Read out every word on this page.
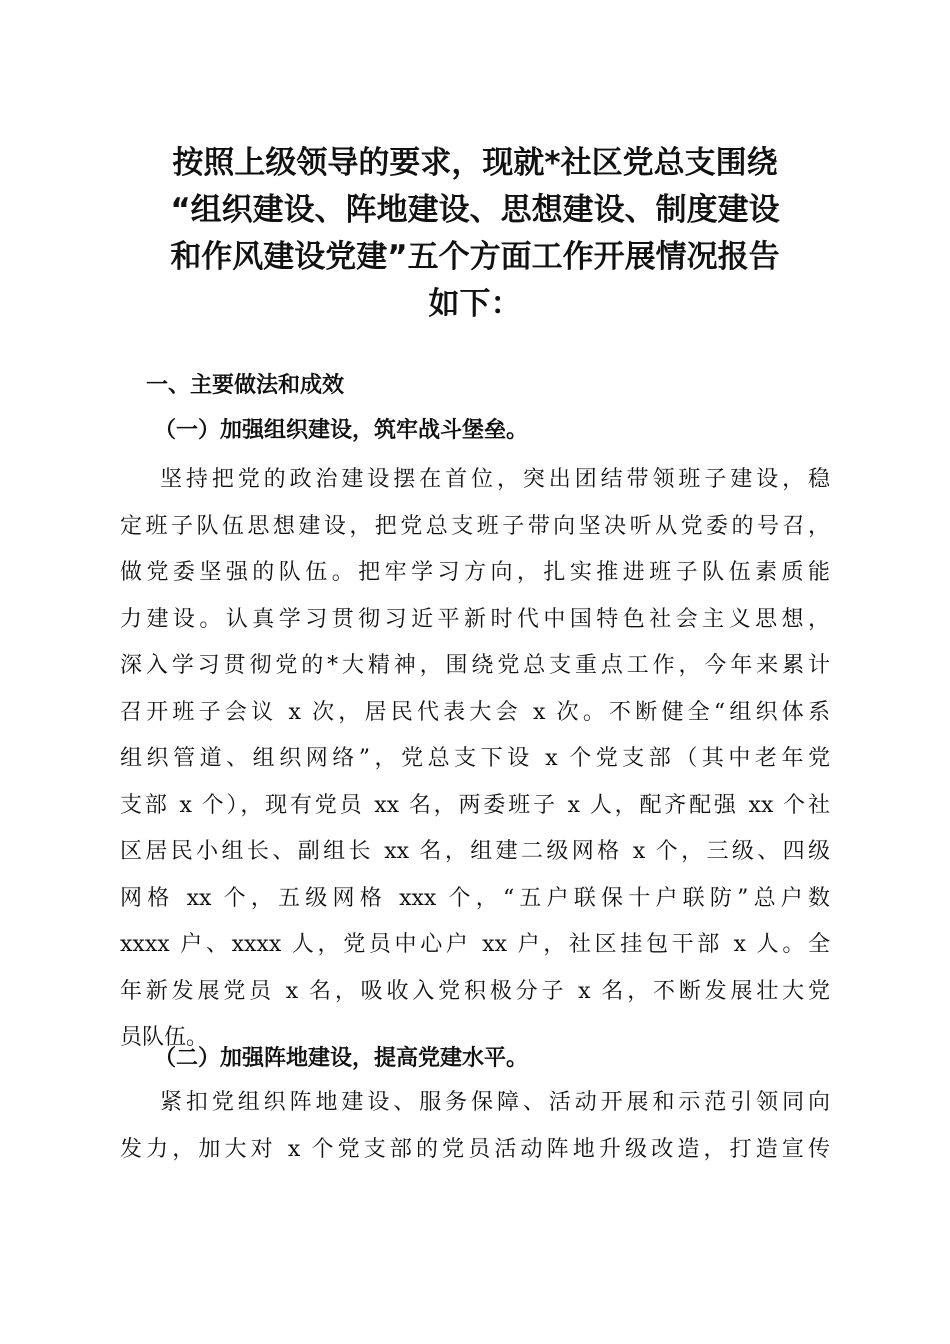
按照上级领导的要求，现就*社区党总支围绕
“组织建设、阵地建设、思想建设、制度建设
和作风建设党建”五个方面工作开展情况报告
如下：
一、主要做法和成效
（一）加强组织建设，筑牢战斗堡垒。

坚持把党的政治建设摆在首位，突出团结带领班子建设，稳
定班子队伍思想建设，把党总支班子带向坚决听从党委的号召，
做党委坚强的队伍。把牢学习方向，扎实推进班子队伍素质能
力建设。认真学习贯彻习近平新时代中国特色社会主义思想，
深入学习贯彻党的*大精神，围绕党总支重点工作，今年来累计
召开班子会议 x 次，居民代表大会 x 次。不断健全“组织体系
组织管道、组织网络”，党总支下设 x 个党支部（其中老年党
支部 x 个），现有党员 xx 名，两委班子 x 人，配齐配强 xx 个社
区居民小组长、副组长 xx 名，组建二级网格 x 个，三级、四级
网格 xx 个，五级网格 xxx 个，“五户联保十户联防”总户数
xxxx 户、xxxx 人，党员中心户 xx 户，社区挂包干部 x 人。全
年新发展党员 x 名，吸收入党积极分子 x 名，不断发展壮大党
员队伍。

（二）加强阵地建设，提高党建水平。

紧扣党组织阵地建设、服务保障、活动开展和示范引领同向
发力，加大对 x 个党支部的党员活动阵地升级改造，打造宣传
